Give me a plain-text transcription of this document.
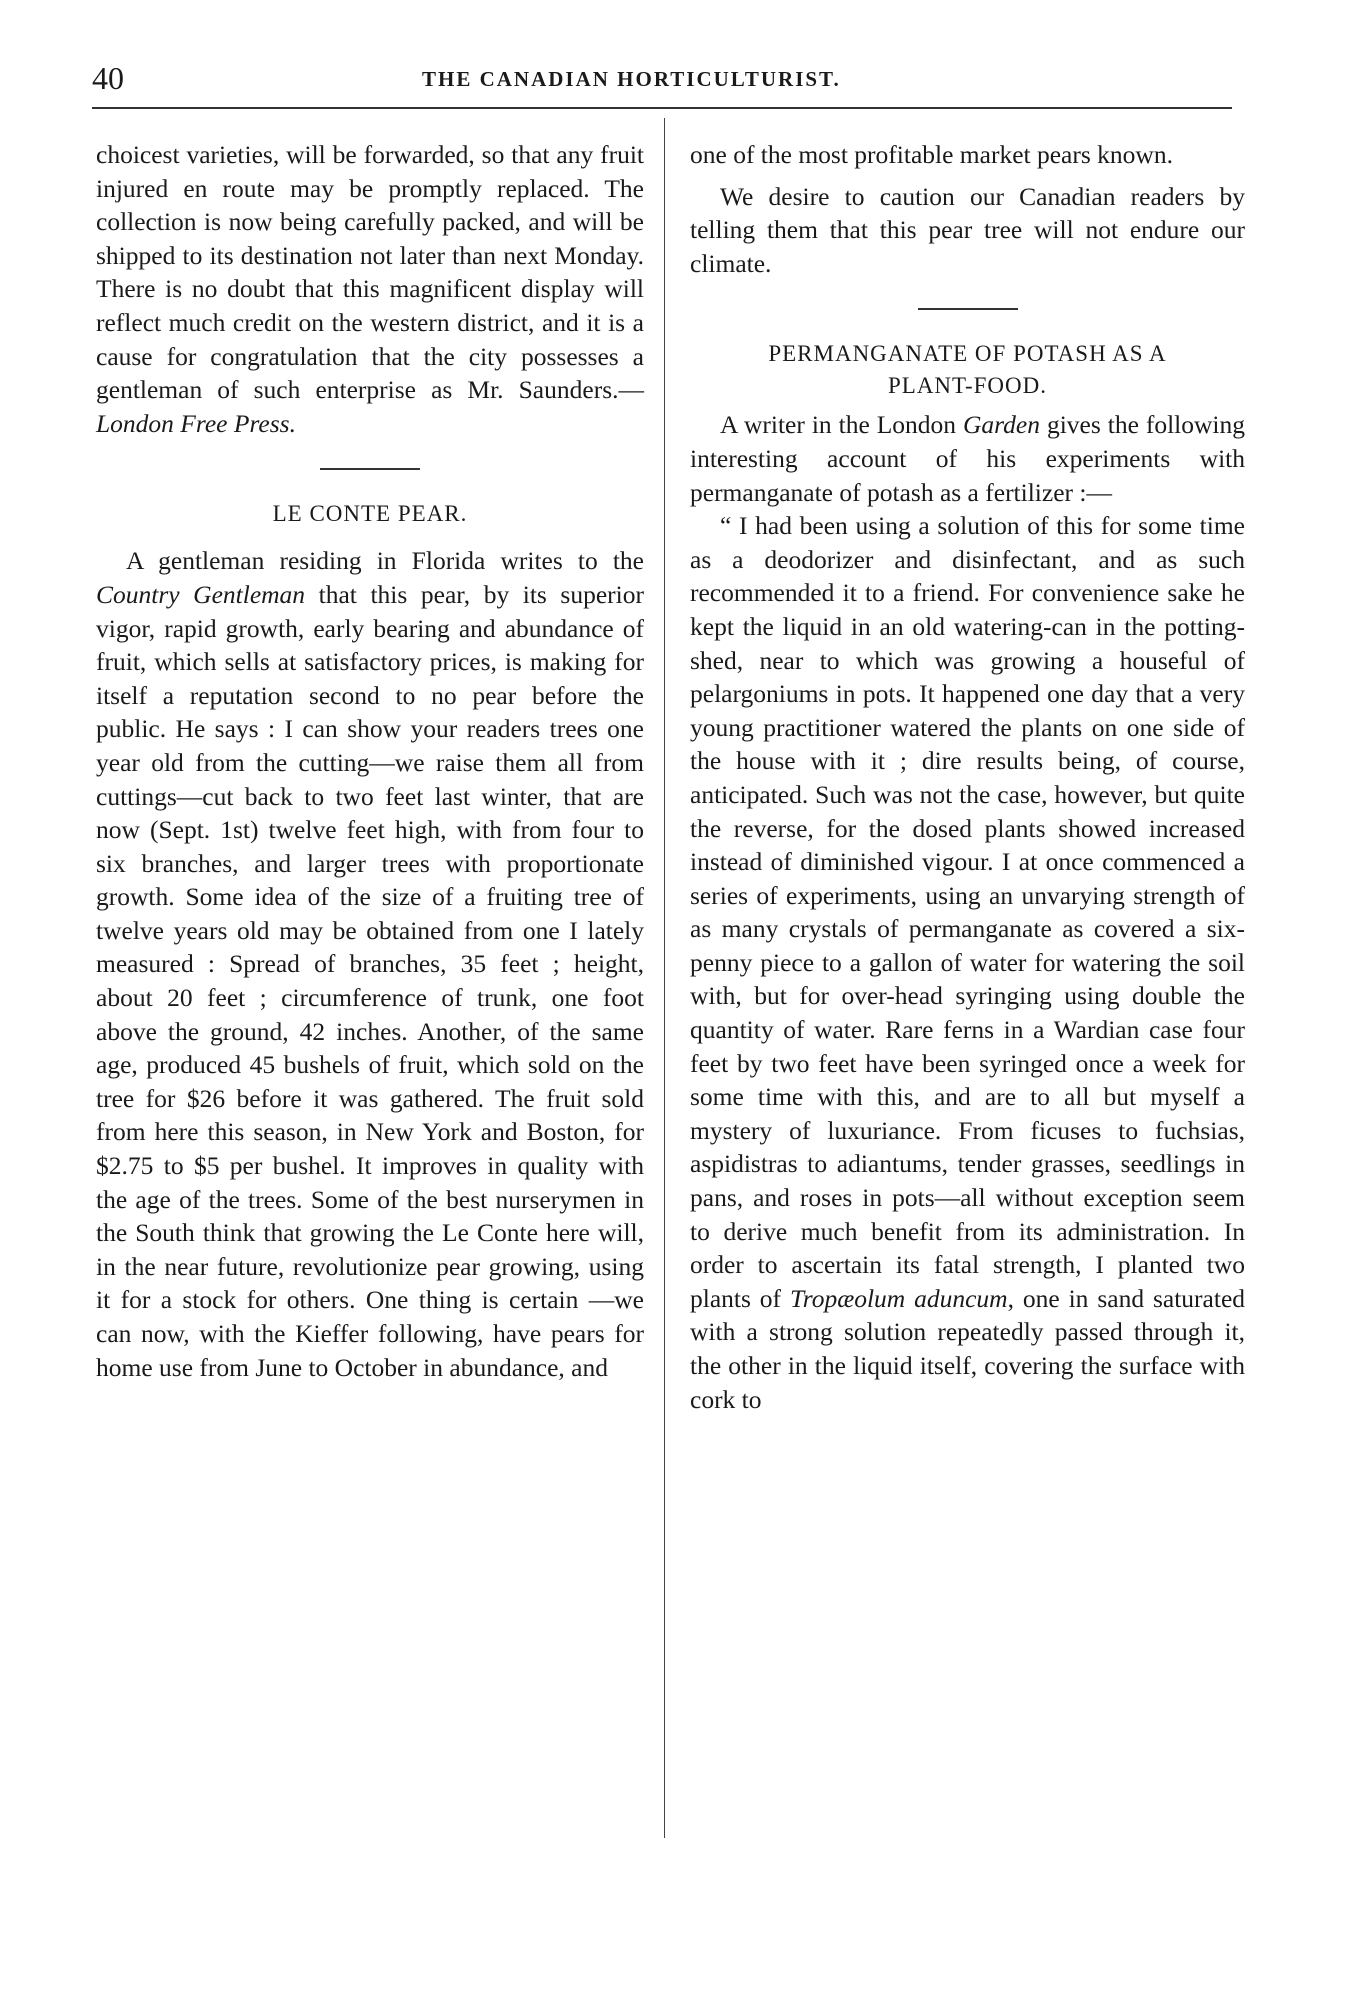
40	THE CANADIAN HORTICULTURIST.

choicest varieties, will be forwarded, so that any fruit injured en route may be promptly replaced. The collection is now being carefully packed, and will be shipped to its destination not later than next Monday. There is no doubt that this magnificent display will reflect much credit on the western district, and it is a cause for congratulation that the city possesses a gentleman of such enterprise as Mr. Saunders.—London Free Press.

LE CONTE PEAR.

A gentleman residing in Florida writes to the Country Gentleman that this pear, by its superior vigor, rapid growth, early bearing and abundance of fruit, which sells at satisfactory prices, is making for itself a reputation second to no pear before the public. He says : I can show your readers trees one year old from the cutting—we raise them all from cuttings—cut back to two feet last winter, that are now (Sept. 1st) twelve feet high, with from four to six branches, and larger trees with proportionate growth. Some idea of the size of a fruiting tree of twelve years old may be obtained from one I lately measured : Spread of branches, 35 feet ; height, about 20 feet ; circumference of trunk, one foot above the ground, 42 inches. Another, of the same age, produced 45 bushels of fruit, which sold on the tree for $26 before it was gathered. The fruit sold from here this season, in New York and Boston, for $2.75 to $5 per bushel. It improves in quality with the age of the trees. Some of the best nurserymen in the South think that growing the Le Conte here will, in the near future, revolutionize pear growing, using it for a stock for others. One thing is certain —we can now, with the Kieffer following, have pears for home use from June to October in abundance, and

one of the most profitable market pears known.

We desire to caution our Canadian readers by telling them that this pear tree will not endure our climate.

PERMANGANATE OF POTASH AS A
PLANT-FOOD.

A writer in the London Garden gives the following interesting account of his experiments with permanganate of potash as a fertilizer :—

“ I had been using a solution of this for some time as a deodorizer and disinfectant, and as such recommended it to a friend. For convenience sake he kept the liquid in an old watering-can in the potting-shed, near to which was growing a houseful of pelargoniums in pots. It happened one day that a very young practitioner watered the plants on one side of the house with it ; dire results being, of course, anticipated. Such was not the case, however, but quite the reverse, for the dosed plants showed increased instead of diminished vigour. I at once commenced a series of experiments, using an unvarying strength of as many crystals of permanganate as covered a six-penny piece to a gallon of water for watering the soil with, but for over-head syringing using double the quantity of water. Rare ferns in a Wardian case four feet by two feet have been syringed once a week for some time with this, and are to all but myself a mystery of luxuriance. From ficuses to fuchsias, aspidistras to adiantums, tender grasses, seedlings in pans, and roses in pots—all without exception seem to derive much benefit from its administration. In order to ascertain its fatal strength, I planted two plants of Tropæolum aduncum, one in sand saturated with a strong solution repeatedly passed through it, the other in the liquid itself, covering the surface with cork to
